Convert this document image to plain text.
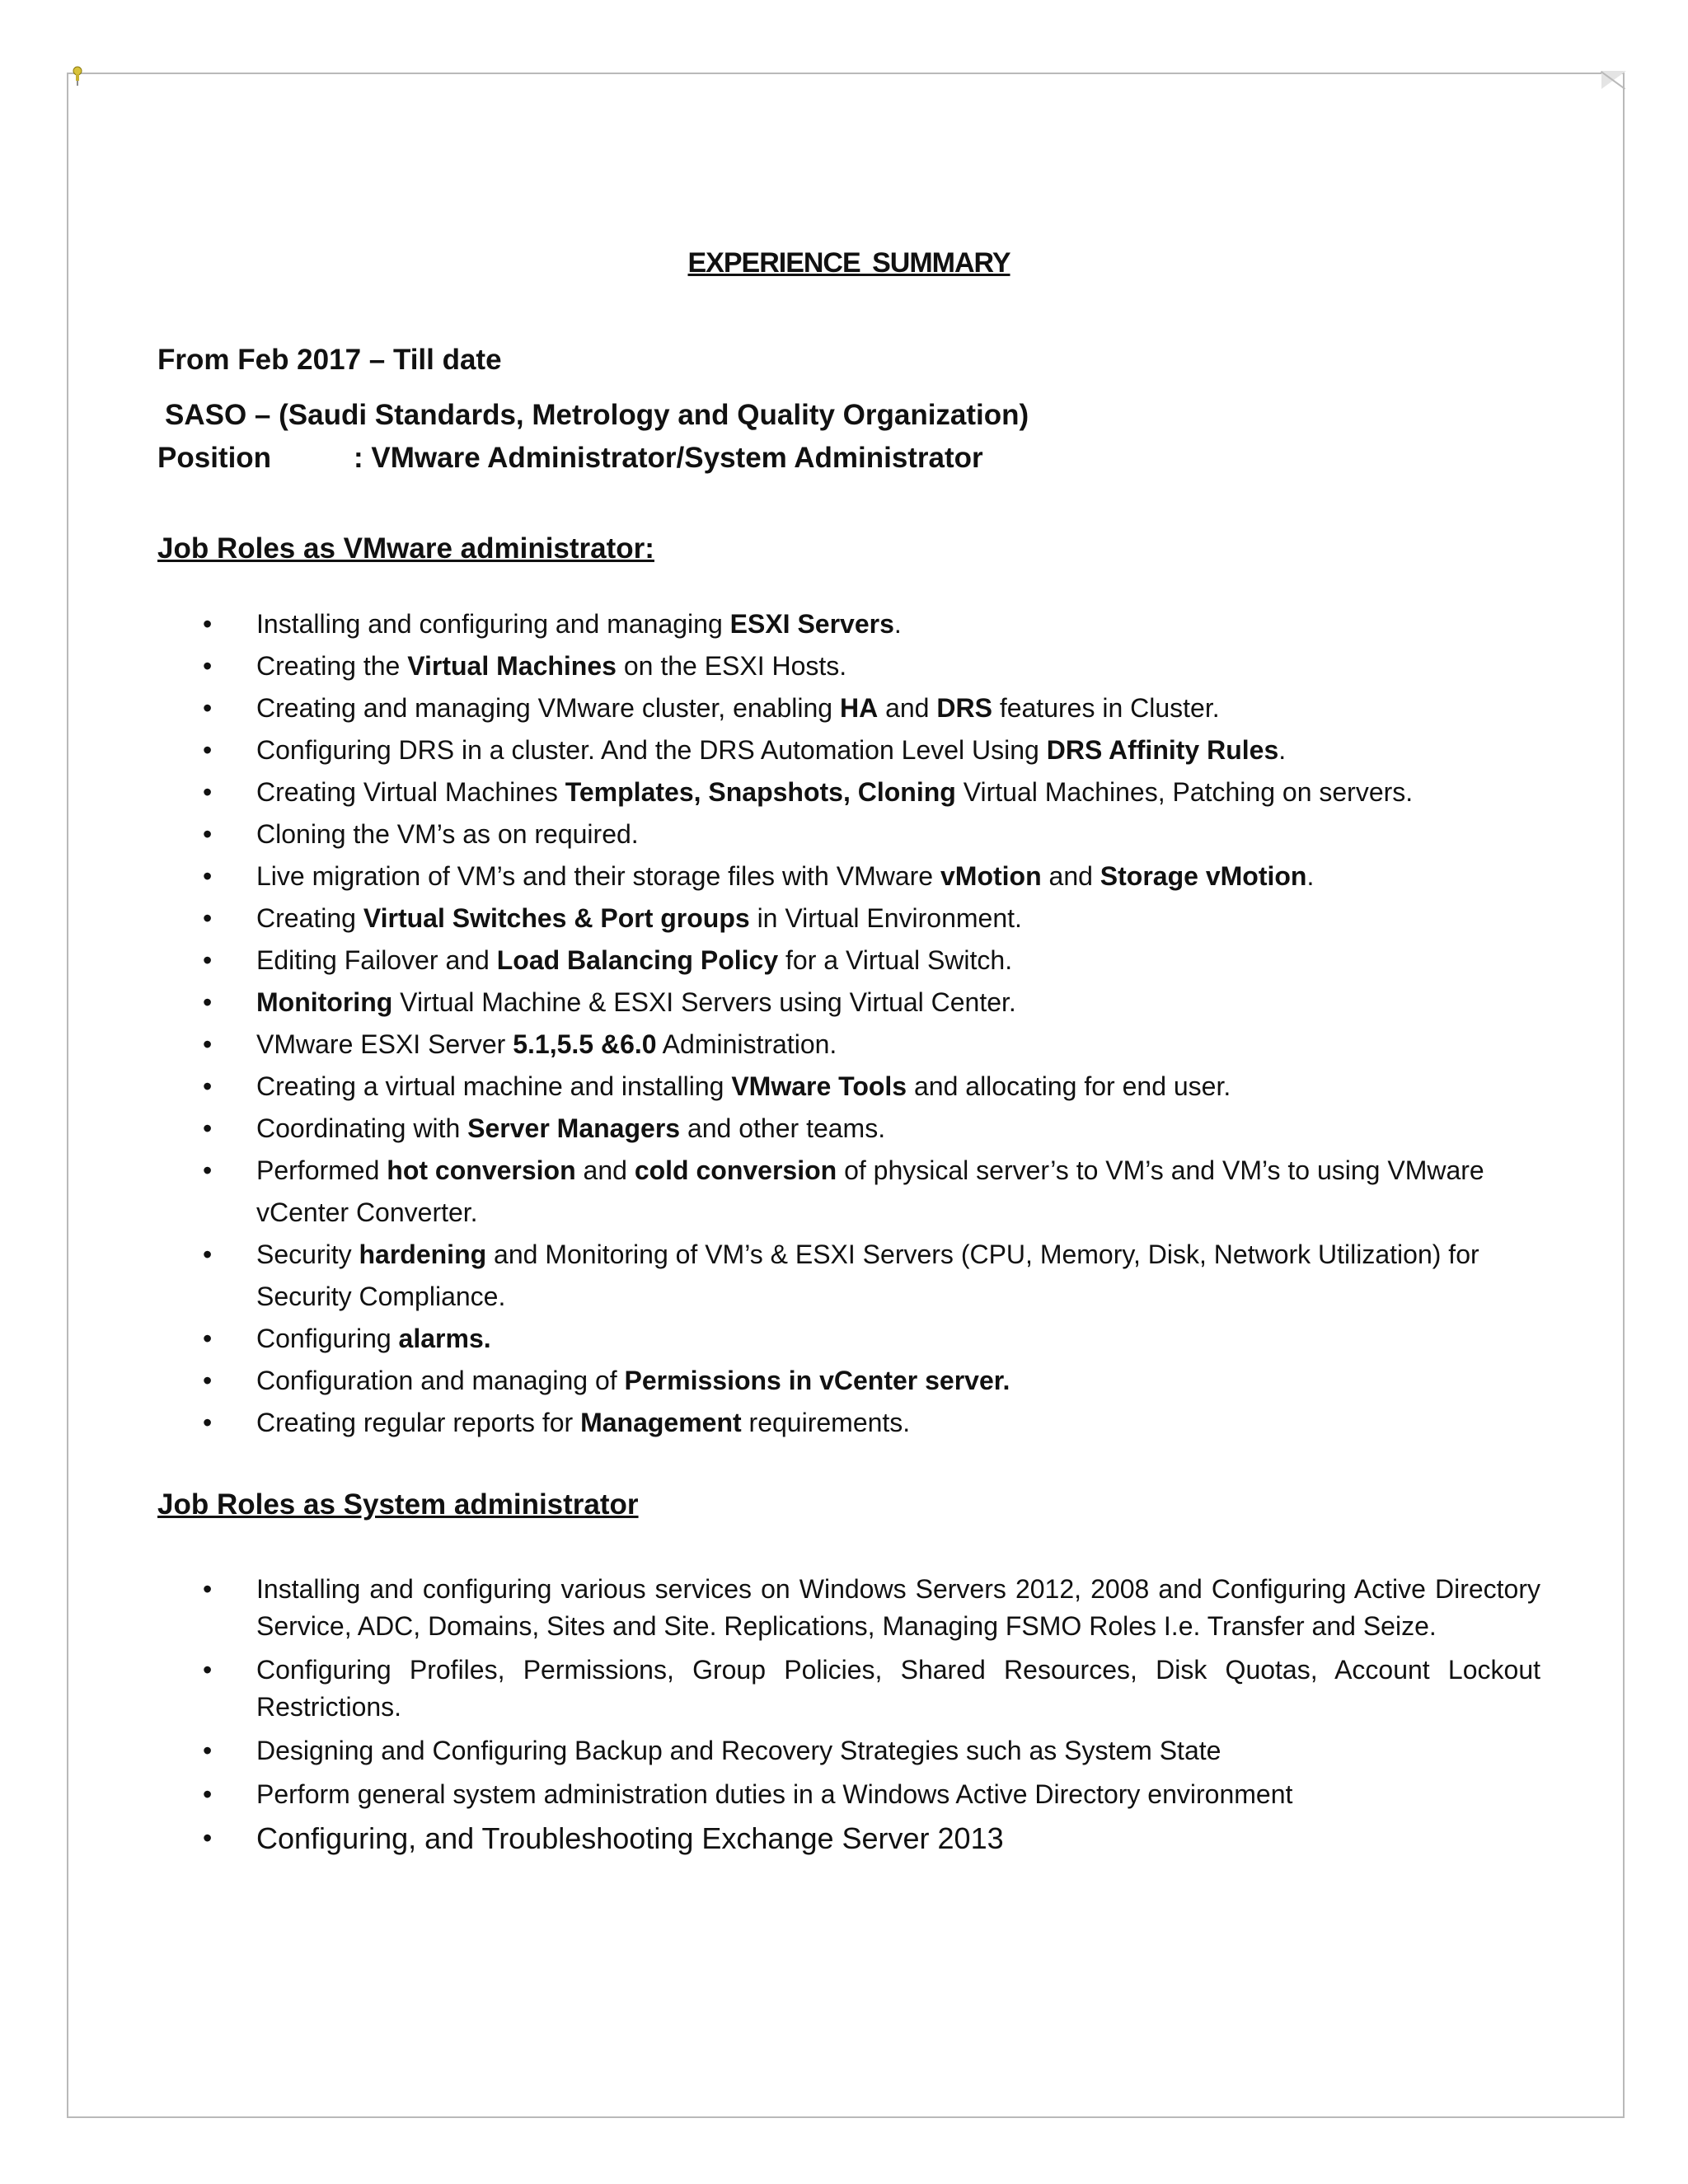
EXPERIENCE SUMMARY

From Feb 2017 – Till date

SASO – (Saudi Standards, Metrology and Quality Organization)

Position	: VMware Administrator/System Administrator

Job Roles as VMware administrator:
• Installing and configuring and managing ESXI Servers.
• Creating the Virtual Machines on the ESXI Hosts.
• Creating and managing VMware cluster, enabling HA and DRS features in Cluster.
• Configuring DRS in a cluster. And the DRS Automation Level Using DRS Affinity Rules.
• Creating Virtual Machines Templates, Snapshots, Cloning Virtual Machines, Patching on servers.
• Cloning the VM’s as on required.
• Live migration of VM’s and their storage files with VMware vMotion and Storage vMotion.
• Creating Virtual Switches & Port groups in Virtual Environment.
• Editing Failover and Load Balancing Policy for a Virtual Switch.
• Monitoring Virtual Machine & ESXI Servers using Virtual Center.
• VMware ESXI Server 5.1,5.5 &6.0 Administration.
• Creating a virtual machine and installing VMware Tools and allocating for end user.
• Coordinating with Server Managers and other teams.
• Performed hot conversion and cold conversion of physical server’s to VM’s and VM’s to using VMware vCenter Converter.
• Security hardening and Monitoring of VM’s & ESXI Servers (CPU, Memory, Disk, Network Utilization) for Security Compliance.
• Configuring alarms.
• Configuration and managing of Permissions in vCenter server.
• Creating regular reports for Management requirements.
Job Roles as System administrator
• Installing and configuring various services on Windows Servers 2012, 2008 and Configuring Active Directory Service, ADC, Domains, Sites and Site. Replications, Managing FSMO Roles I.e. Transfer and Seize.
• Configuring Profiles, Permissions, Group Policies, Shared Resources, Disk Quotas, Account Lockout Restrictions.
• Designing and Configuring Backup and Recovery Strategies such as System State
• Perform general system administration duties in a Windows Active Directory environment
• Configuring, and Troubleshooting Exchange Server 2013
